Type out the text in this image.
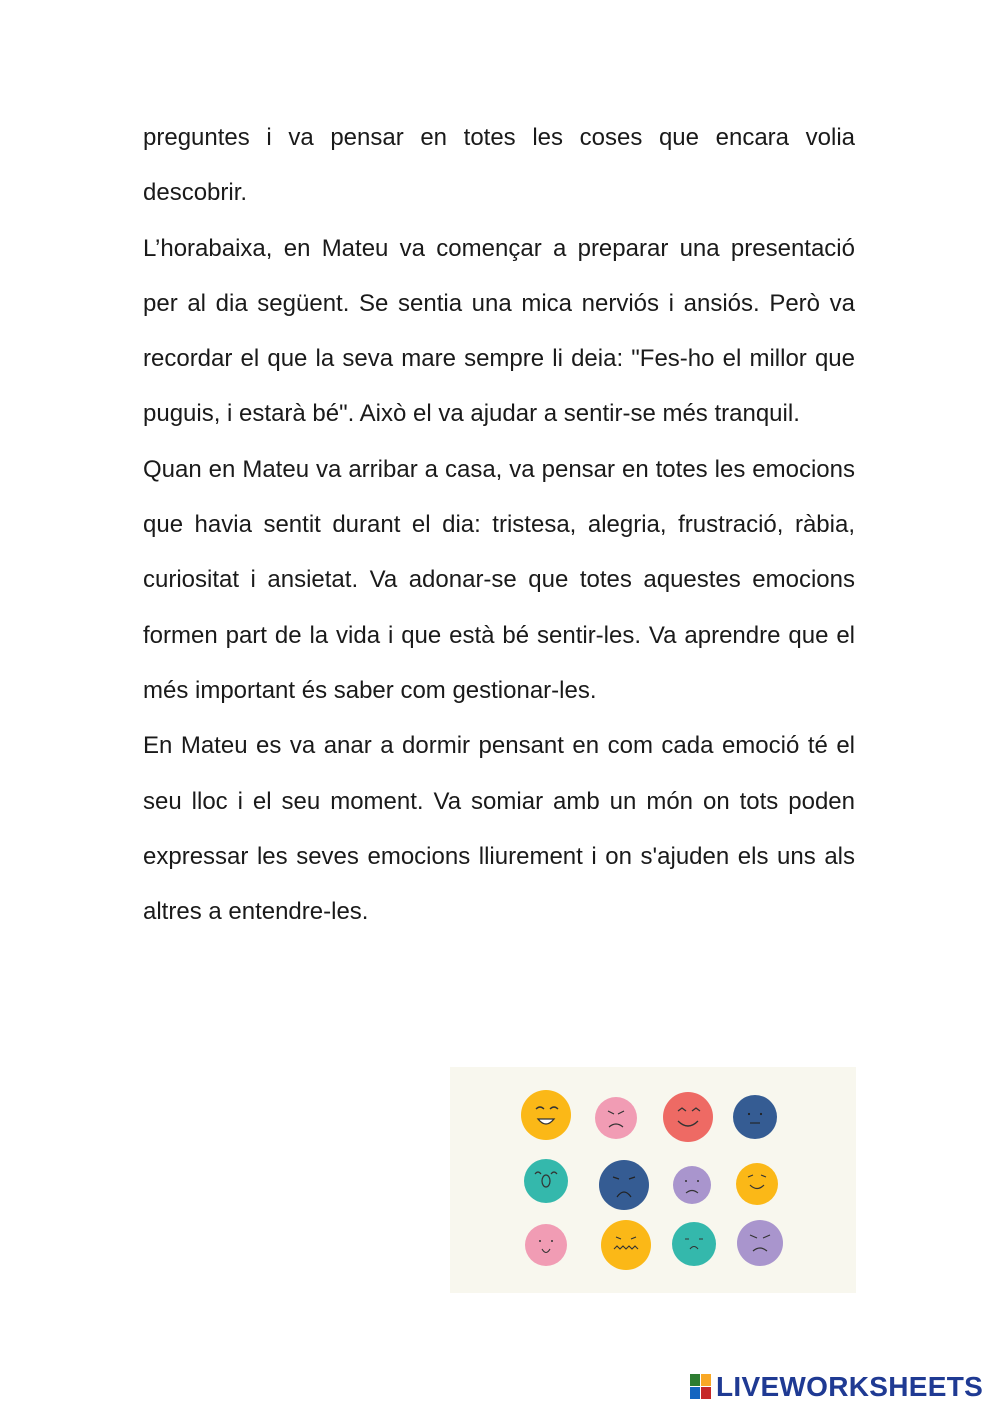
preguntes i va pensar en totes les coses que encara volia descobrir.

L’horabaixa, en Mateu va començar a preparar una presentació per al dia següent. Se sentia una mica nerviós i ansiós. Però va recordar el que la seva mare sempre li deia: "Fes-ho el millor que puguis, i estarà bé". Això el va ajudar a sentir-se més tranquil.

Quan en Mateu va arribar a casa, va pensar en totes les emocions que havia sentit durant el dia: tristesa, alegria, frustració, ràbia, curiositat i ansietat. Va adonar-se que totes aquestes emocions formen part de la vida i que està bé sentir-les. Va aprendre que el més important és saber com gestionar-les.

En Mateu es va anar a dormir pensant en com cada emoció té el seu lloc i el seu moment. Va somiar amb un món on tots poden expressar les seves emocions lliurement i on s'ajuden els uns als altres a entendre-les.

LIVEWORKSHEETS
